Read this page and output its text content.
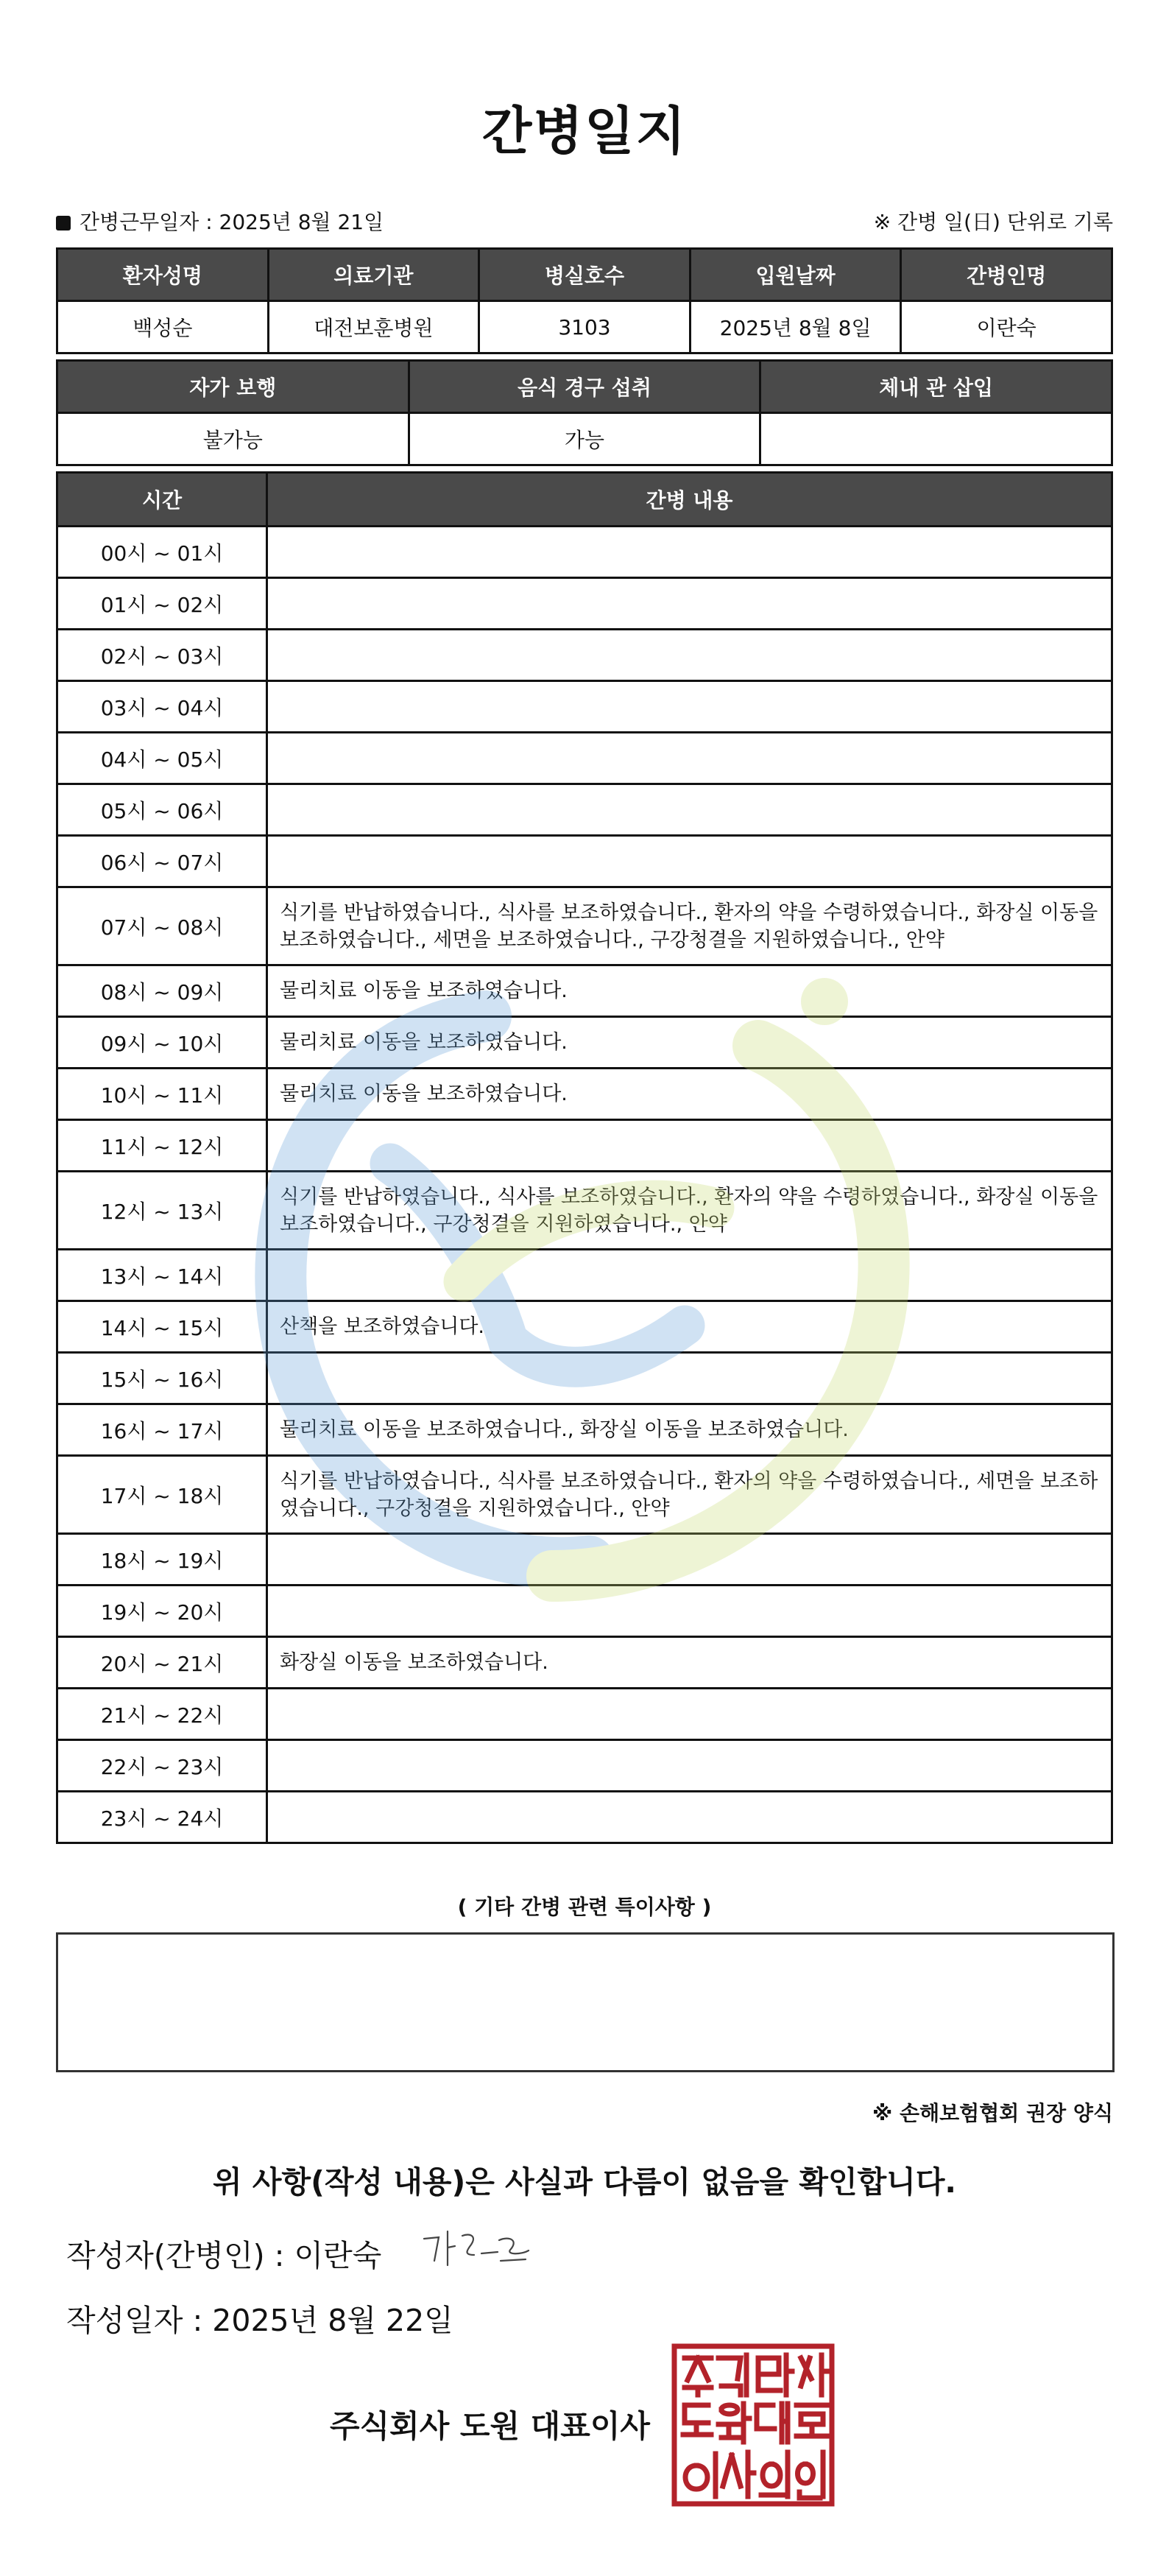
간병일지
간병근무일자 : 2025년 8월 21일	※ 간병 일(日) 단위로 기록
환자성명	의료기관	병실호수	입원날짜	간병인명
백성순	대전보훈병원	3103	2025년 8월 8일	이란숙
자가 보행	음식 경구 섭취	체내 관 삽입
불가능	가능	
시간	간병 내용
00시 ~ 01시	
01시 ~ 02시	
02시 ~ 03시	
03시 ~ 04시	
04시 ~ 05시	
05시 ~ 06시	
06시 ~ 07시	
07시 ~ 08시	식기를 반납하였습니다., 식사를 보조하였습니다., 환자의 약을 수령하였습니다., 화장실 이동을 보조하였습니다., 세면을 보조하였습니다., 구강청결을 지원하였습니다., 안약
08시 ~ 09시	물리치료 이동을 보조하였습니다.
09시 ~ 10시	물리치료 이동을 보조하였습니다.
10시 ~ 11시	물리치료 이동을 보조하였습니다.
11시 ~ 12시	
12시 ~ 13시	식기를 반납하였습니다., 식사를 보조하였습니다., 환자의 약을 수령하였습니다., 화장실 이동을 보조하였습니다., 구강청결을 지원하였습니다., 안약
13시 ~ 14시	
14시 ~ 15시	산책을 보조하였습니다.
15시 ~ 16시	
16시 ~ 17시	물리치료 이동을 보조하였습니다., 화장실 이동을 보조하였습니다.
17시 ~ 18시	식기를 반납하였습니다., 식사를 보조하였습니다., 환자의 약을 수령하였습니다., 세면을 보조하였습니다., 구강청결을 지원하였습니다., 안약
18시 ~ 19시	
19시 ~ 20시	
20시 ~ 21시	화장실 이동을 보조하였습니다.
21시 ~ 22시	
22시 ~ 23시	
23시 ~ 24시	
( 기타 간병 관련 특이사항 )
※ 손해보험협회 권장 양식
위 사항(작성 내용)은 사실과 다름이 없음을 확인합니다.
작성자(간병인) : 이란숙
작성일자 : 2025년 8월 22일
주식회사 도원 대표이사
